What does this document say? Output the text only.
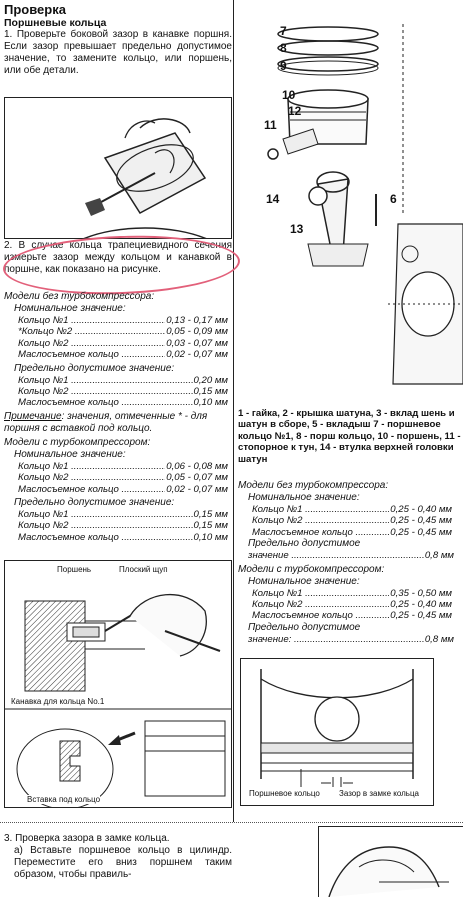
Проверка
Поршневые кольца
1. Проверьте боковой зазор в канавке поршня. Если зазор превышает предельно допустимое значение, то замените кольцо, или поршень, или обе детали.
2. В случае кольца трапециевидного сечения измерьте зазор между кольцом и канавкой в поршне, как показано на рисунке.
Модели без турбокомпрессора:
Номинальное значение:
Кольцо №1 .....	0,13 - 0,17 мм
*Кольцо №2 .....	0,05 - 0,09 мм
Кольцо №2 .....	0,03 - 0,07 мм
Маслосъемное кольцо .....	0,02 - 0,07 мм
Предельно допустимое значение:
Кольцо №1 .....	0,20 мм
Кольцо №2 .....	0,15 мм
Маслосъемное кольцо .....	0,10 мм
Примечание: значения, отмеченные * - для поршня с вставкой под кольцо.
Модели с турбокомпрессором:
Номинальное значение:
Кольцо №1 .....	0,06 - 0,08 мм
Кольцо №2 .....	0,05 - 0,07 мм
Маслосъемное кольцо .....	0,02 - 0,07 мм
Предельно допустимое значение:
Кольцо №1 .....	0,15 мм
Кольцо №2 .....	0,15 мм
Маслосъемное кольцо .....	0,10 мм
Поршень	Плоский щуп
Канавка для кольца No.1
Вставка под кольцо
3. Проверка зазора в замке кольца.
а) Вставьте поршневое кольцо в цилиндр. Переместите его вниз поршнем таким образом, чтобы правиль-
7
8
9
10
11
12
14	6
13
1 - гайка, 2 - крышка шатуна, 3 - вклад шень и шатун в сборе, 5 - вкладыш 7 - поршневое кольцо №1, 8 - порш кольцо, 10 - поршень, 11 - стопорное к тун, 14 - втулка верхней головки шатун
Модели без турбокомпрессора:
Номинальное значение:
Кольцо №1 .....	0,25 - 0,40 мм
Кольцо №2 .....	0,25 - 0,45 мм
Маслосъемное кольцо .....	0,25 - 0,45 мм
Предельно допустимое
значение .....	0,8 мм
Модели с турбокомпрессором:
Номинальное значение:
Кольцо №1 .....	0,35 - 0,50 мм
Кольцо №2 .....	0,25 - 0,40 мм
Маслосъемное кольцо .....	0,25 - 0,45 мм
Предельно допустимое
значение: .....	0,8 мм
Поршневое кольцо Зазор в замке кольца
